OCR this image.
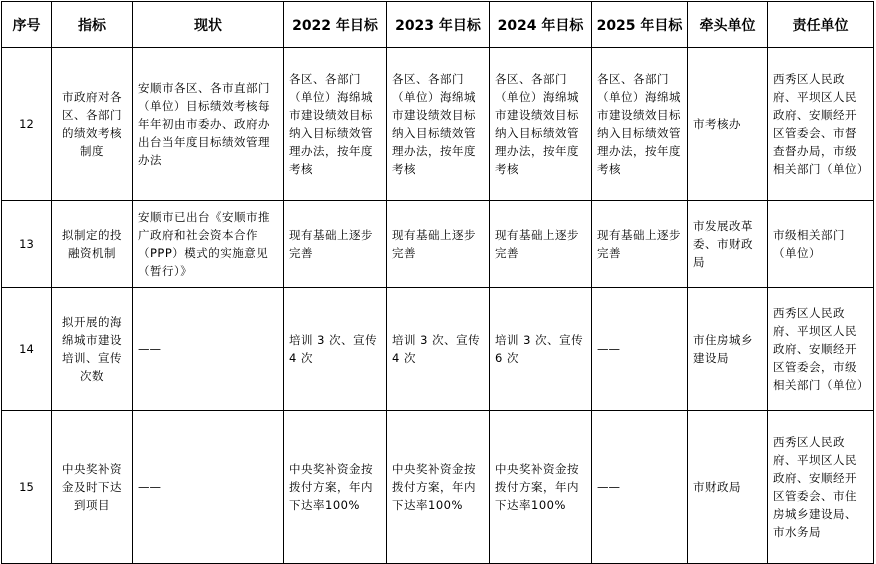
序号	指标	现状	2022 年目标	2023 年目标	2024 年目标	2025 年目标	牵头单位	责任单位
12	市政府对各区、各部门的绩效考核制度	安顺市各区、各市直部门（单位）目标绩效考核每年年初由市委办、政府办出台当年度目标绩效管理办法	各区、各部门（单位）海绵城市建设绩效目标纳入目标绩效管理办法，按年度考核	各区、各部门（单位）海绵城市建设绩效目标纳入目标绩效管理办法，按年度考核	各区、各部门（单位）海绵城市建设绩效目标纳入目标绩效管理办法，按年度考核	各区、各部门（单位）海绵城市建设绩效目标纳入目标绩效管理办法，按年度考核	市考核办	西秀区人民政府、平坝区人民政府、安顺经开区管委会、市督查督办局，市级相关部门（单位）
13	拟制定的投融资机制	安顺市已出台《安顺市推广政府和社会资本合作（PPP）模式的实施意见（暂行）》	现有基础上逐步完善	现有基础上逐步完善	现有基础上逐步完善	现有基础上逐步完善	市发展改革委、市财政局	市级相关部门（单位）
14	拟开展的海绵城市建设培训、宣传次数	——	培训 3 次、宣传 4 次	培训 3 次、宣传 4 次	培训 3 次、宣传 6 次	——	市住房城乡建设局	西秀区人民政府、平坝区人民政府、安顺经开区管委会，市级相关部门（单位）
15	中央奖补资金及时下达到项目	——	中央奖补资金按拨付方案，年内下达率100%	中央奖补资金按拨付方案，年内下达率100%	中央奖补资金按拨付方案，年内下达率100%	——	市财政局	西秀区人民政府、平坝区人民政府、安顺经开区管委会、市住房城乡建设局、市水务局
